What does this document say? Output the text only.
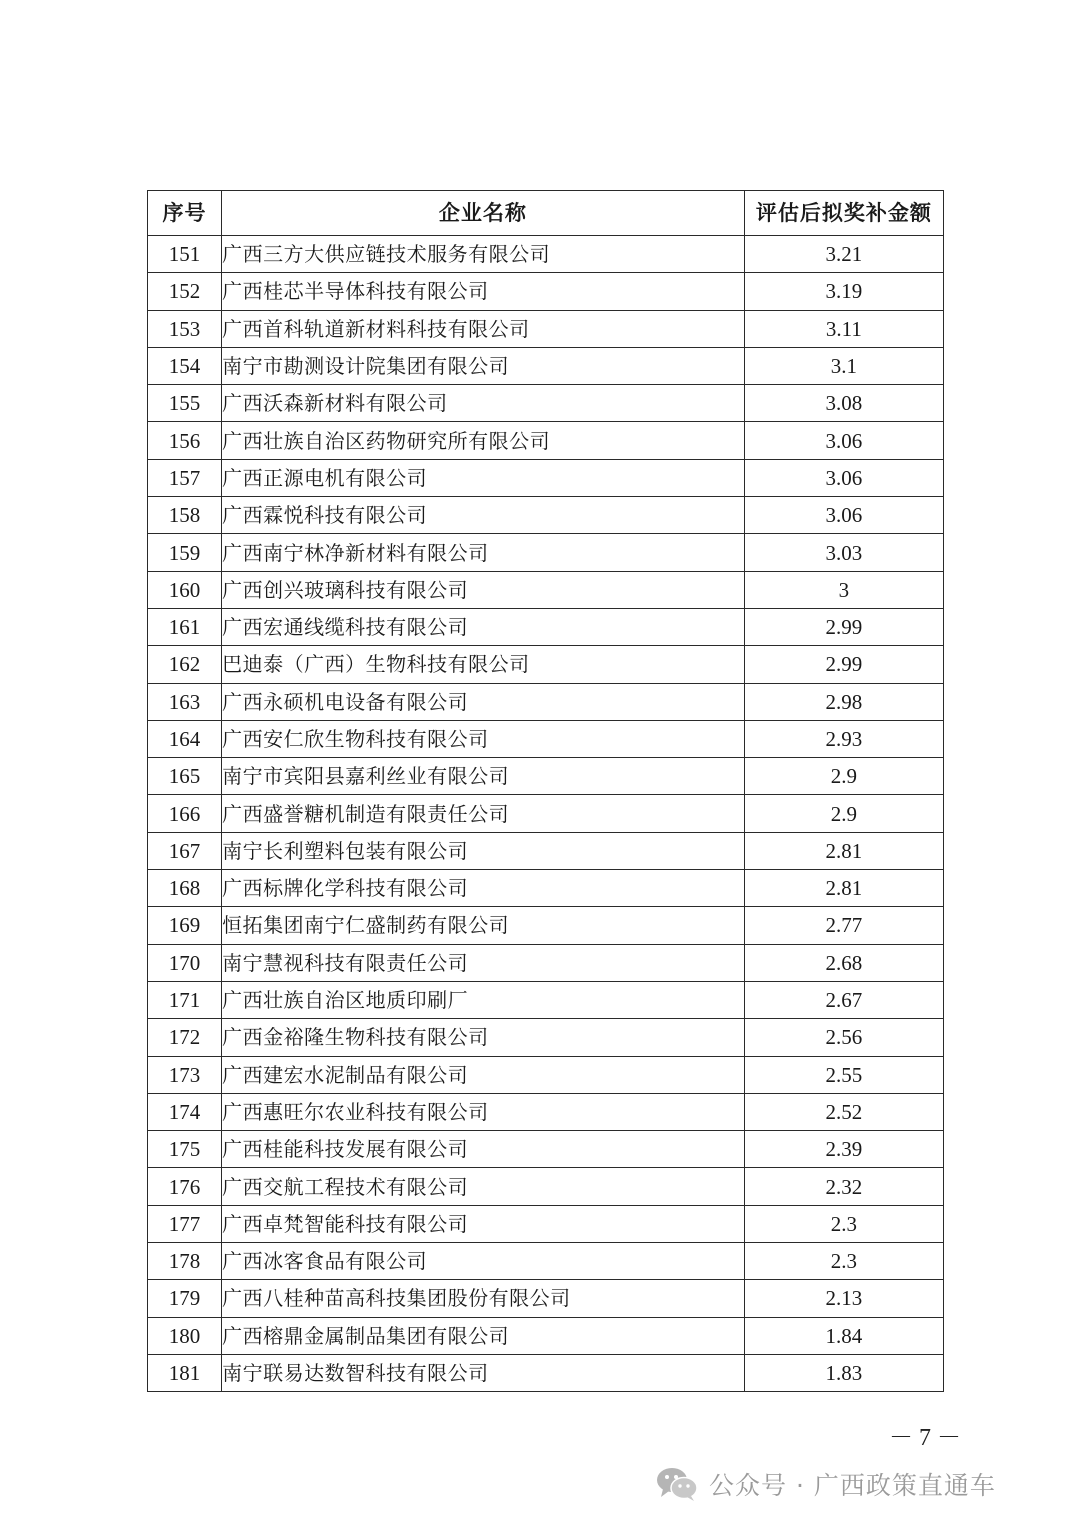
序号	企业名称	评估后拟奖补金额
151	广西三方大供应链技术服务有限公司	3.21
152	广西桂芯半导体科技有限公司	3.19
153	广西首科轨道新材料科技有限公司	3.11
154	南宁市勘测设计院集团有限公司	3.1
155	广西沃森新材料有限公司	3.08
156	广西壮族自治区药物研究所有限公司	3.06
157	广西正源电机有限公司	3.06
158	广西霖悦科技有限公司	3.06
159	广西南宁林净新材料有限公司	3.03
160	广西创兴玻璃科技有限公司	3
161	广西宏通线缆科技有限公司	2.99
162	巴迪泰（广西）生物科技有限公司	2.99
163	广西永硕机电设备有限公司	2.98
164	广西安仁欣生物科技有限公司	2.93
165	南宁市宾阳县嘉利丝业有限公司	2.9
166	广西盛誉糖机制造有限责任公司	2.9
167	南宁长利塑料包装有限公司	2.81
168	广西标牌化学科技有限公司	2.81
169	恒拓集团南宁仁盛制药有限公司	2.77
170	南宁慧视科技有限责任公司	2.68
171	广西壮族自治区地质印刷厂	2.67
172	广西金裕隆生物科技有限公司	2.56
173	广西建宏水泥制品有限公司	2.55
174	广西惠旺尔农业科技有限公司	2.52
175	广西桂能科技发展有限公司	2.39
176	广西交航工程技术有限公司	2.32
177	广西卓梵智能科技有限公司	2.3
178	广西冰客食品有限公司	2.3
179	广西八桂种苗高科技集团股份有限公司	2.13
180	广西榕鼎金属制品集团有限公司	1.84
181	南宁联易达数智科技有限公司	1.83
－ 7 －
公众号 · 广西政策直通车
